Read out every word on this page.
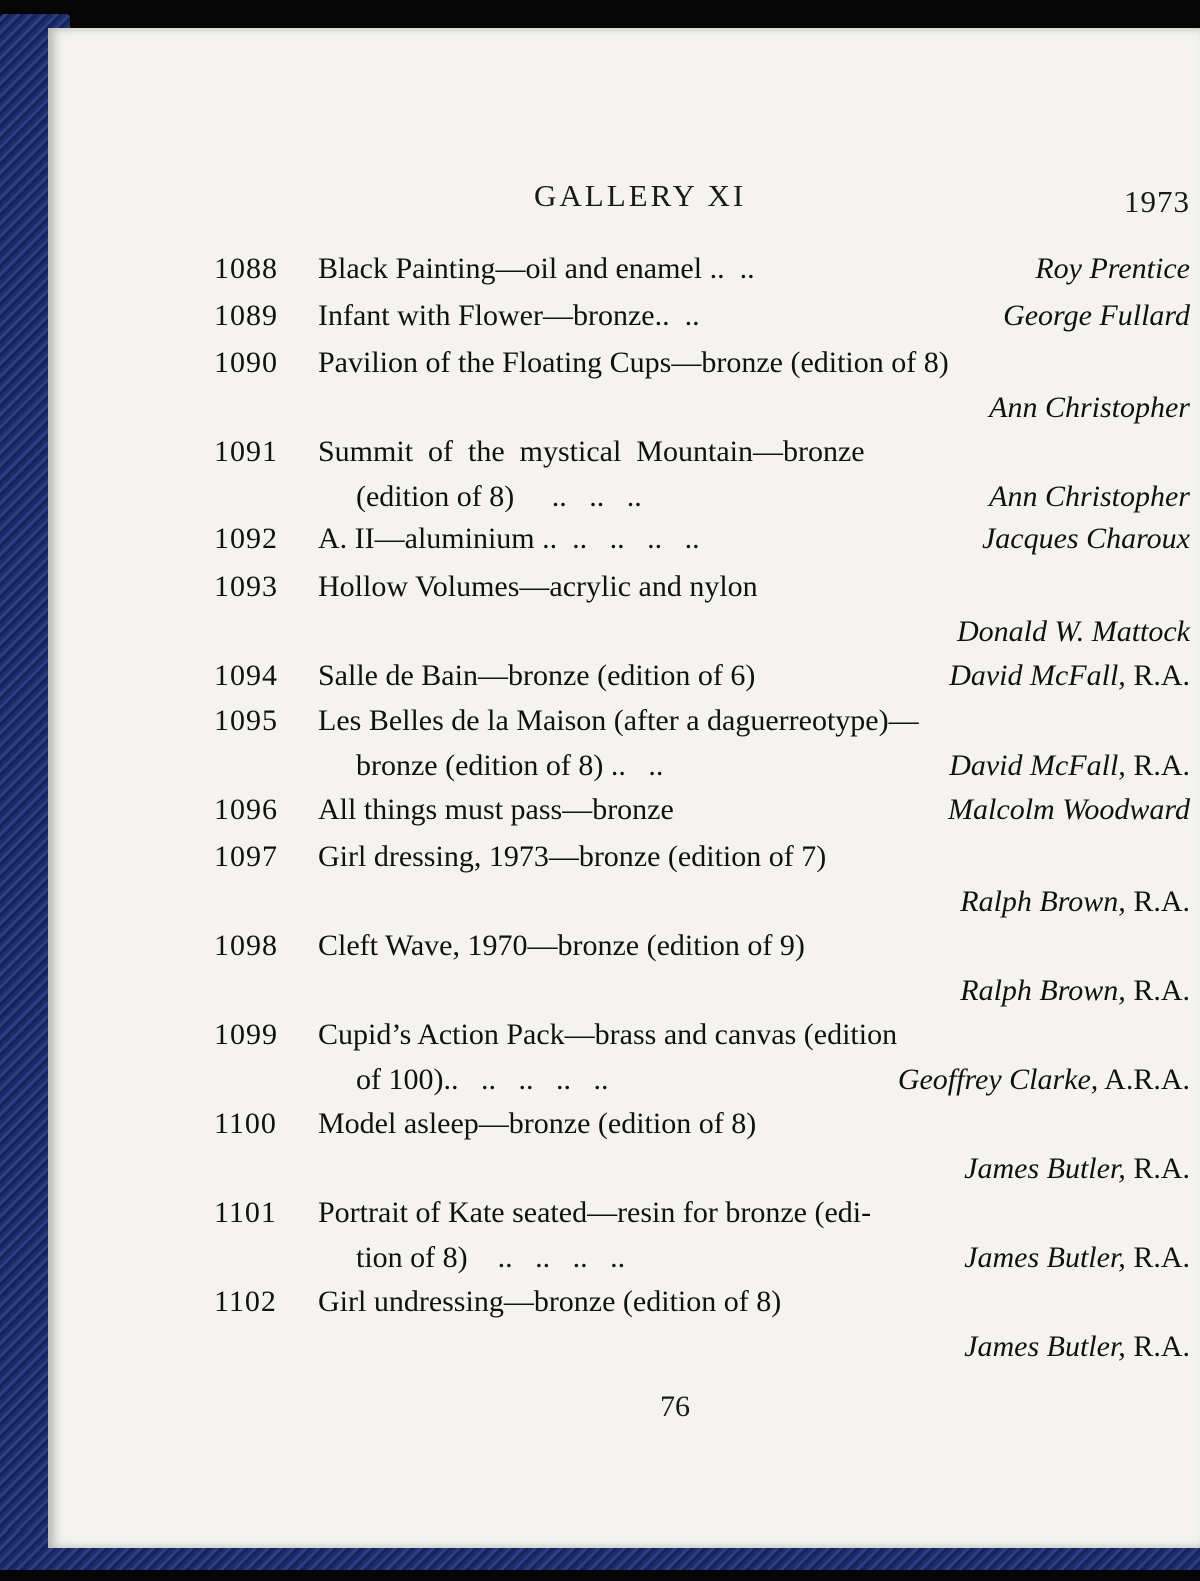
GALLERY XI	1973
1088 Black Painting—oil and enamel ..  ..	Roy Prentice
1089 Infant with Flower—bronze..  ..	George Fullard
1090 Pavilion of the Floating Cups—bronze (edition of 8)
Ann Christopher
1091 Summit  of  the  mystical  Mountain—bronze
(edition of 8)     ..   ..   ..	Ann Christopher
1092 A. II—aluminium ..  ..   ..   ..   ..	Jacques Charoux
1093 Hollow Volumes—acrylic and nylon
Donald W. Mattock
1094 Salle de Bain—bronze (edition of 6)	David McFall, R.A.
1095 Les Belles de la Maison (after a daguerreotype)—
bronze (edition of 8) ..   ..	David McFall, R.A.
1096 All things must pass—bronze	Malcolm Woodward
1097 Girl dressing, 1973—bronze (edition of 7)
Ralph Brown, R.A.
1098 Cleft Wave, 1970—bronze (edition of 9)
Ralph Brown, R.A.
1099 Cupid’s Action Pack—brass and canvas (edition
of 100)..   ..   ..   ..   ..	Geoffrey Clarke, A.R.A.
1100 Model asleep—bronze (edition of 8)
James Butler, R.A.
1101 Portrait of Kate seated—resin for bronze (edi-
tion of 8)    ..   ..   ..   ..	James Butler, R.A.
1102 Girl undressing—bronze (edition of 8)
James Butler, R.A.
76
